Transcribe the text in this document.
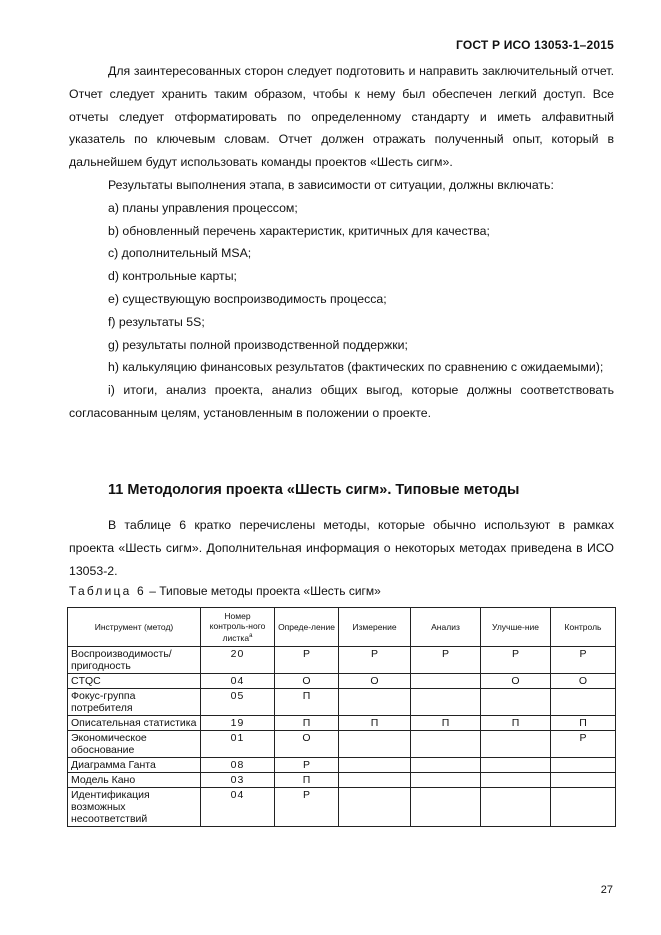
ГОСТ Р ИСО 13053-1–2015

Для заинтересованных сторон следует подготовить и направить заключительный отчет. Отчет следует хранить таким образом, чтобы к нему был обеспечен легкий доступ. Все отчеты следует отформатировать по определенному стандарту и иметь алфавитный указатель по ключевым словам. Отчет должен отражать полученный опыт, который в дальнейшем будут использовать команды проектов «Шесть сигм».

Результаты выполнения этапа, в зависимости от ситуации, должны включать:

a) планы управления процессом;

b) обновленный перечень характеристик, критичных для качества;

c) дополнительный MSA;

d) контрольные карты;

e) существующую воспроизводимость процесса;

f) результаты 5S;

g) результаты полной производственной поддержки;

h) калькуляцию финансовых результатов (фактических по сравнению с ожидаемыми);

i) итоги, анализ проекта, анализ общих выгод, которые должны соответствовать согласованным целям, установленным в положении о проекте.

11 Методология проекта «Шесть сигм». Типовые методы

В таблице 6 кратко перечислены методы, которые обычно используют в рамках проекта «Шесть сигм». Дополнительная информация о некоторых методах приведена в ИСО 13053-2.

Таблица 6 – Типовые методы проекта «Шесть сигм»
Инструмент (метод)	Номер контроль-ного листка$^а$	Опреде-ление	Измерение	Анализ	Улучше-ние	Контроль
Воспроизводимость/ пригодность	20	Р	Р	Р	Р	Р
CTQC	04	О	О		О	О
Фокус-группа потребителя	05	П				
Описательная статистика	19	П	П	П	П	П
Экономическое обоснование	01	О				Р
Диаграмма Ганта	08	Р				
Модель Кано	03	П				
Идентификация возможных несоответствий	04	Р				
27
